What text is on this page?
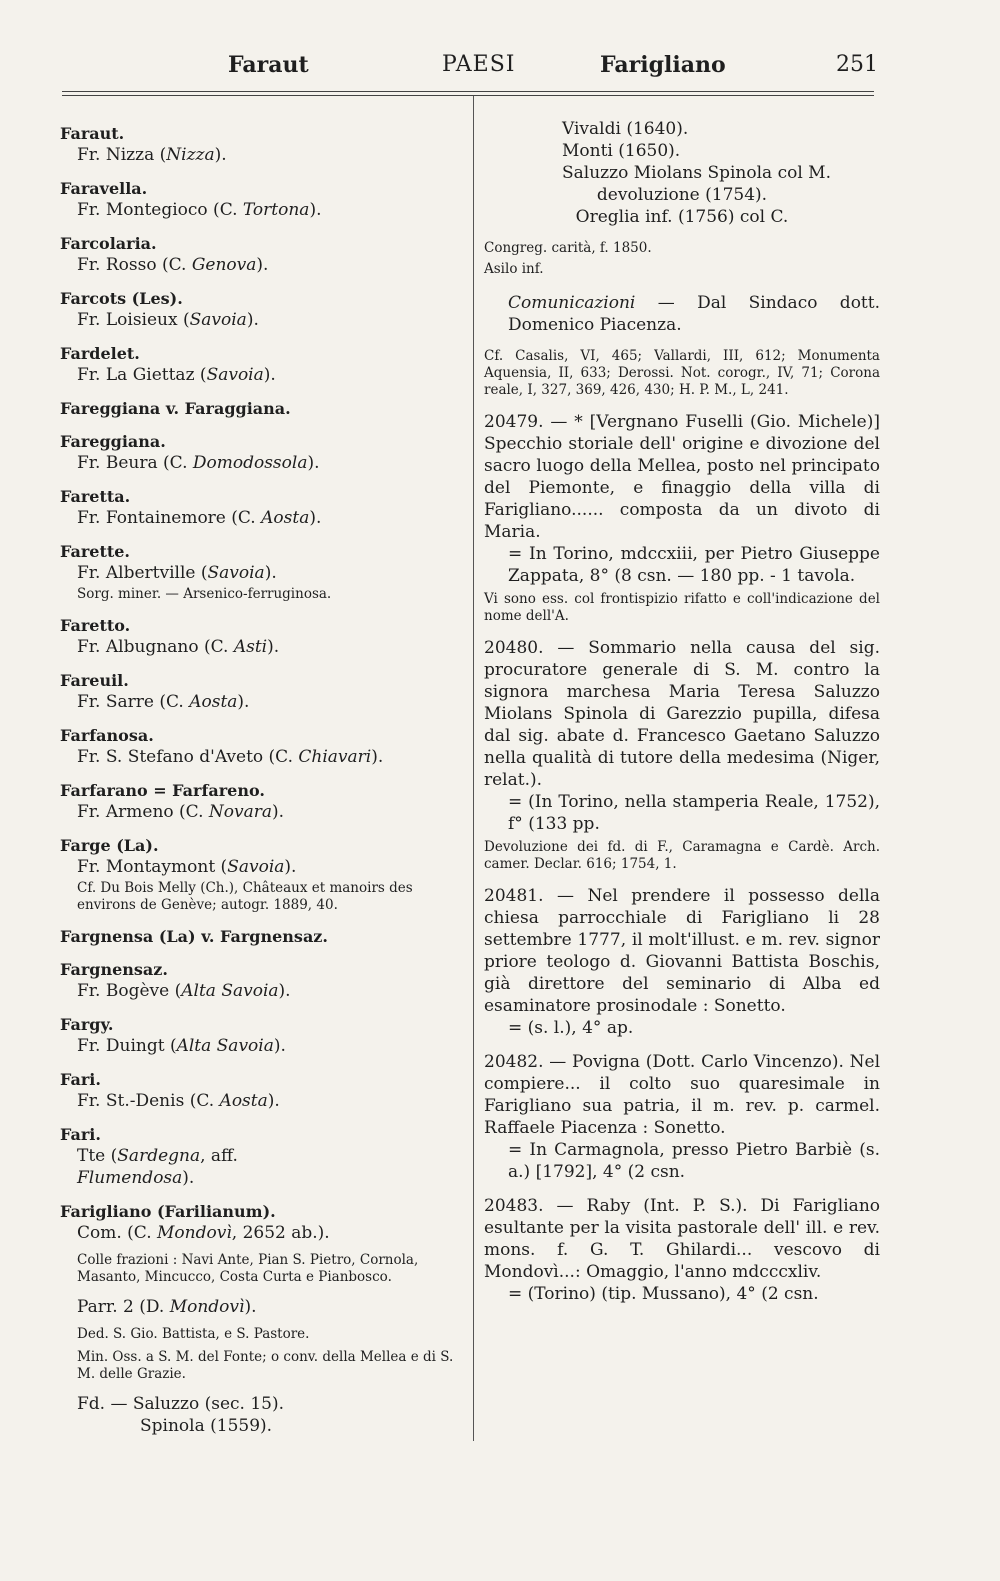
Faraut	PAESI	Farigliano	251
Faraut.
Fr. Nizza (Nizza).
Faravella.
Fr. Montegioco (C. Tortona).
Farcolaria.
Fr. Rosso (C. Genova).
Farcots (Les).
Fr. Loisieux (Savoia).
Fardelet.
Fr. La Giettaz (Savoia).
Fareggiana v. Faraggiana.
Fareggiana.
Fr. Beura (C. Domodossola).
Faretta.
Fr. Fontainemore (C. Aosta).
Farette.
Fr. Albertville (Savoia).
Sorg. miner. — Arsenico-ferruginosa.
Faretto.
Fr. Albugnano (C. Asti).
Fareuil.
Fr. Sarre (C. Aosta).
Farfanosa.
Fr. S. Stefano d'Aveto (C. Chiavari).
Farfarano = Farfareno.
Fr. Armeno (C. Novara).
Farge (La).
Fr. Montaymont (Savoia).
Cf. Du Bois Melly (Ch.), Châteaux et manoirs des environs de Genève; autogr. 1889, 40.
Fargnensa (La) v. Fargnensaz.
Fargnensaz.
Fr. Bogève (Alta Savoia).
Fargy.
Fr. Duingt (Alta Savoia).
Fari.
Fr. St.-Denis (C. Aosta).
Fari.
Tte (Sardegna, aff.
Flumendosa).
Farigliano (Farilianum).
Com. (C. Mondovì, 2652 ab.).
Colle frazioni : Navi Ante, Pian S. Pietro, Cornola, Masanto, Mincucco, Costa Curta e Pianbosco.
Parr. 2 (D. Mondovì).
Ded. S. Gio. Battista, e S. Pastore.
Min. Oss. a S. M. del Fonte; o conv. della Mellea e di S. M. delle Grazie.
Fd. — Saluzzo (sec. 15).
Spinola (1559).
Vivaldi (1640).
Monti (1650).
Saluzzo Miolans Spinola col M.
devoluzione (1754).
Oreglia inf. (1756) col C.
Congreg. carità, f. 1850.
Asilo inf.

Comunicazioni — Dal Sindaco dott. Domenico Piacenza.

Cf. Casalis, VI, 465; Vallardi, III, 612; Monumenta Aquensia, II, 633; Derossi. Not. corogr., IV, 71; Corona reale, I, 327, 369, 426, 430; H. P. M., L, 241.

20479. — * [Vergnano Fuselli (Gio. Michele)] Specchio storiale dell' origine e divozione del sacro luogo della Mellea, posto nel principato del Piemonte, e finaggio della villa di Farigliano...... composta da un divoto di Maria.

= In Torino, mdccxiii, per Pietro Giuseppe Zappata, 8° (8 csn. — 180 pp. - 1 tavola.

Vi sono ess. col frontispizio rifatto e coll'indicazione del nome dell'A.

20480. — Sommario nella causa del sig. procuratore generale di S. M. contro la signora marchesa Maria Teresa Saluzzo Miolans Spinola di Garezzio pupilla, difesa dal sig. abate d. Francesco Gaetano Saluzzo nella qualità di tutore della medesima (Niger, relat.).

= (In Torino, nella stamperia Reale, 1752), f° (133 pp.

Devoluzione dei fd. di F., Caramagna e Cardè. Arch. camer. Declar. 616; 1754, 1.

20481. — Nel prendere il possesso della chiesa parrocchiale di Farigliano li 28 settembre 1777, il molt'illust. e m. rev. signor priore teologo d. Giovanni Battista Boschis, già direttore del seminario di Alba ed esaminatore prosinodale : Sonetto.

= (s. l.), 4° ap.

20482. — Povigna (Dott. Carlo Vincenzo). Nel compiere... il colto suo quaresimale in Farigliano sua patria, il m. rev. p. carmel. Raffaele Piacenza : Sonetto.

= In Carmagnola, presso Pietro Barbiè (s. a.) [1792], 4° (2 csn.

20483. — Raby (Int. P. S.). Di Farigliano esultante per la visita pastorale dell' ill. e rev. mons. f. G. T. Ghilardi... vescovo di Mondovì...: Omaggio, l'anno mdcccxliv.

= (Torino) (tip. Mussano), 4° (2 csn.
